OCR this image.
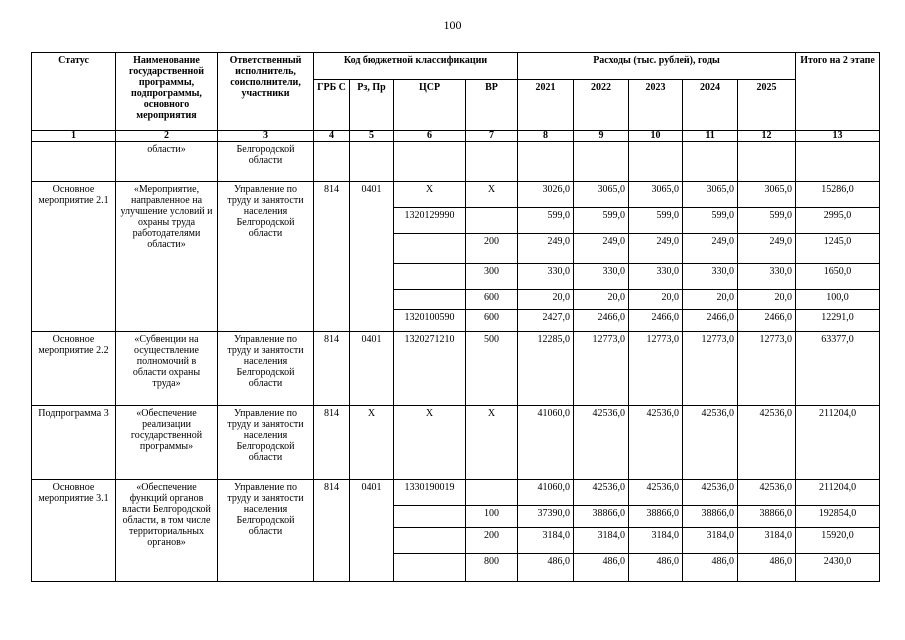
100
Статус	Наименование государственной программы, подпрограммы, основного мероприятия	Ответственный исполнитель, соисполнители, участники	Код бюджетной классификации				Расходы (тыс. рублей), годы					Итого на 2 этапе
			ГРБ С	Рз, Пр	ЦСР	ВР	2021	2022	2023	2024	2025	
1	2	3	4	5	6	7	8	9	10	11	12	13
	области»	Белгородской области										
Основное мероприятие 2.1	«Мероприятие, направленное на улучшение условий и охраны труда работодателями области»	Управление по труду и занятости населения Белгородской области	814	0401	Х	Х	3026,0	3065,0	3065,0	3065,0	3065,0	15286,0
					1320129990		599,0	599,0	599,0	599,0	599,0	2995,0
						200	249,0	249,0	249,0	249,0	249,0	1245,0
						300	330,0	330,0	330,0	330,0	330,0	1650,0
						600	20,0	20,0	20,0	20,0	20,0	100,0
					1320100590	600	2427,0	2466,0	2466,0	2466,0	2466,0	12291,0
Основное мероприятие 2.2	«Субвенции на осуществление полномочий в области охраны труда»	Управление по труду и занятости населения Белгородской области	814	0401	1320271210	500	12285,0	12773,0	12773,0	12773,0	12773,0	63377,0
Подпрограмма 3	«Обеспечение реализации государственной программы»	Управление по труду и занятости населения Белгородской области	814	Х	Х	Х	41060,0	42536,0	42536,0	42536,0	42536,0	211204,0
Основное мероприятие 3.1	«Обеспечение функций органов власти Белгородской области, в том числе территориальных органов»	Управление по труду и занятости населения Белгородской области	814	0401	1330190019		41060,0	42536,0	42536,0	42536,0	42536,0	211204,0
						100	37390,0	38866,0	38866,0	38866,0	38866,0	192854,0
						200	3184,0	3184,0	3184,0	3184,0	3184,0	15920,0
						800	486,0	486,0	486,0	486,0	486,0	2430,0
